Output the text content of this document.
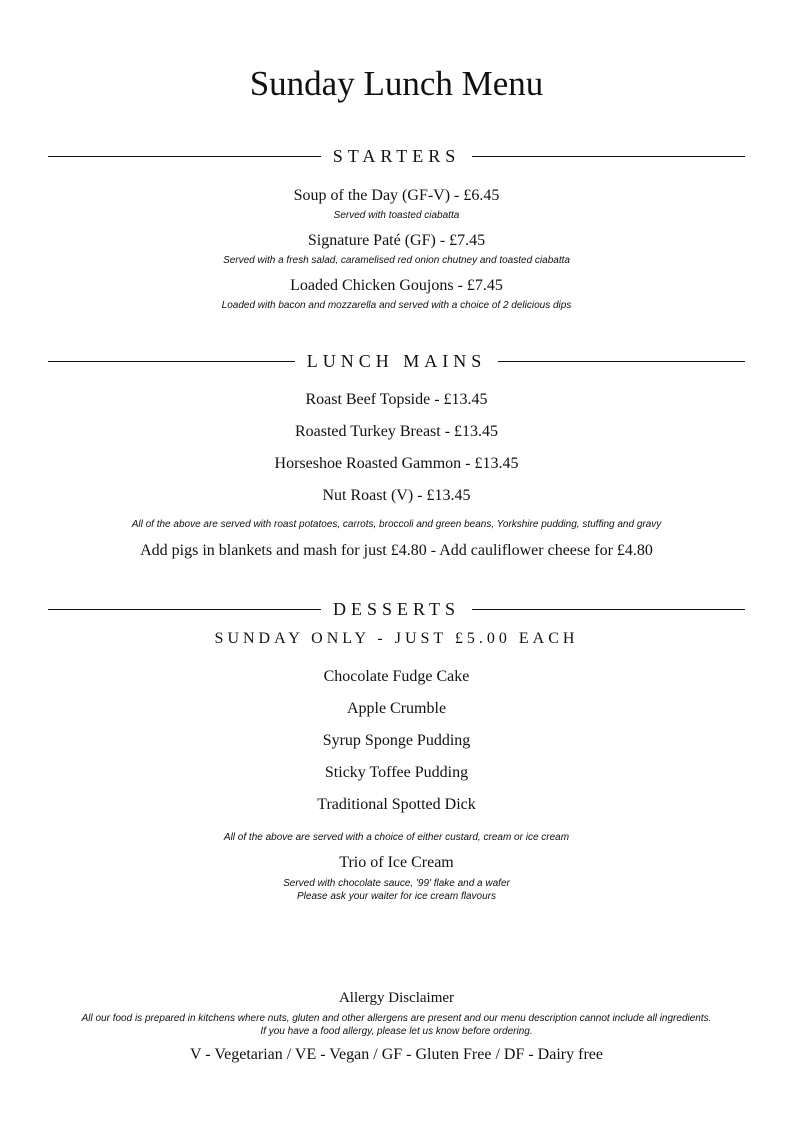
Sunday Lunch Menu
STARTERS
Soup of the Day (GF-V) - £6.45
Served with toasted ciabatta
Signature Paté (GF) - £7.45
Served with a fresh salad, caramelised red onion chutney and toasted ciabatta
Loaded Chicken Goujons - £7.45
Loaded with bacon and mozzarella and served with a choice of 2 delicious dips
LUNCH MAINS
Roast Beef Topside - £13.45
Roasted Turkey Breast - £13.45
Horseshoe Roasted Gammon - £13.45
Nut Roast (V) - £13.45
All of the above are served with roast potatoes, carrots, broccoli and green beans, Yorkshire pudding, stuffing and gravy
Add pigs in blankets and mash for just £4.80 - Add cauliflower cheese for £4.80
DESSERTS
SUNDAY ONLY - JUST £5.00 EACH
Chocolate Fudge Cake
Apple Crumble
Syrup Sponge Pudding
Sticky Toffee Pudding
Traditional Spotted Dick
All of the above are served with a choice of either custard, cream or ice cream
Trio of Ice Cream
Served with chocolate sauce, '99' flake and a wafer
Please ask your waiter for ice cream flavours
Allergy Disclaimer
All our food is prepared in kitchens where nuts, gluten and other allergens are present and our menu description cannot include all ingredients.
If you have a food allergy, please let us know before ordering.
V - Vegetarian / VE - Vegan / GF - Gluten Free / DF - Dairy free
